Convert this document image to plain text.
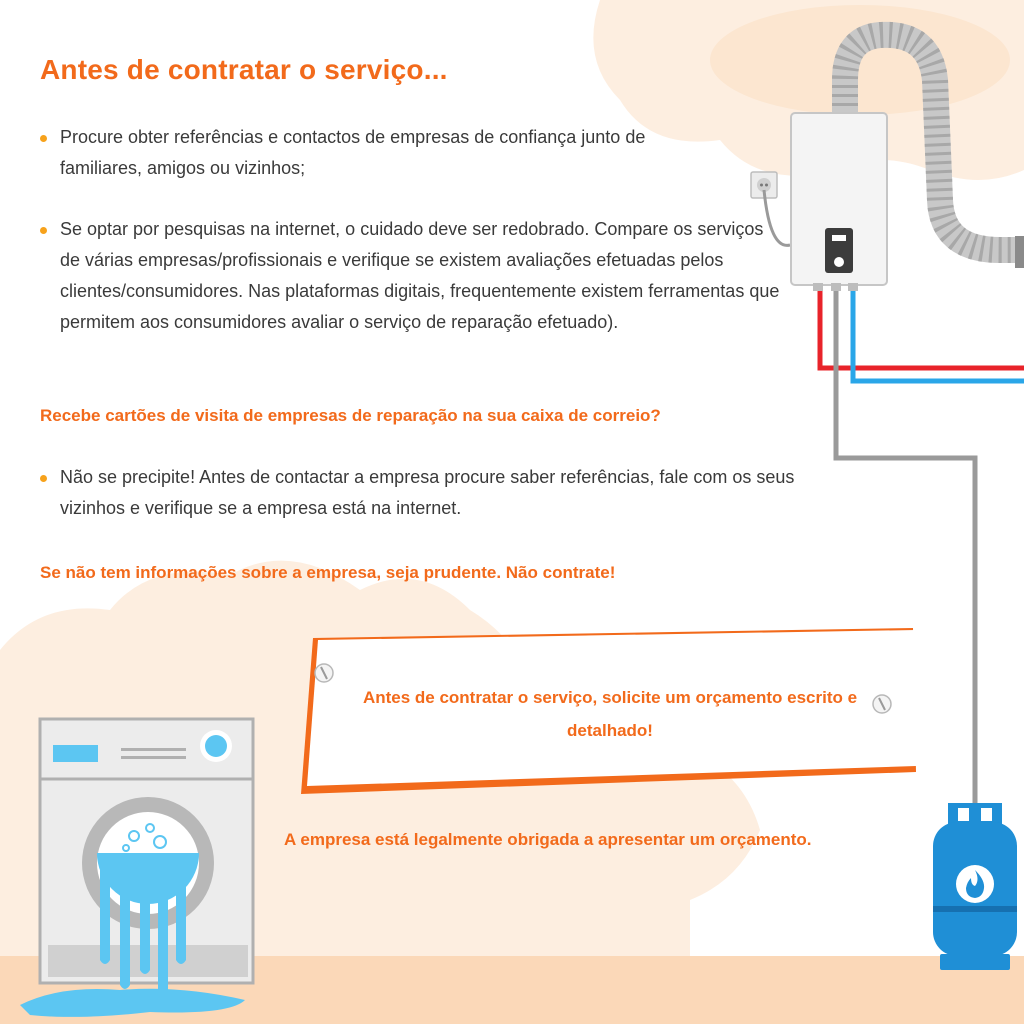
Antes de contratar o serviço...
Procure obter referências e contactos de empresas de confiança junto de familiares, amigos ou vizinhos;
Se optar por pesquisas na internet, o cuidado deve ser redobrado. Compare os serviços de várias empresas/profissionais e verifique se existem avaliações efetuadas pelos clientes/consumidores. Nas plataformas digitais, frequentemente existem ferramentas que permitem aos consumidores avaliar o serviço de reparação efetuado).
Recebe cartões de visita de empresas de reparação na sua caixa de correio?
Não se precipite! Antes de contactar a empresa procure saber referências, fale com os seus vizinhos e verifique se a empresa está na internet.
Se não tem informações sobre a empresa, seja prudente. Não contrate!
Antes de contratar o serviço, solicite um orçamento escrito e detalhado!
A empresa está legalmente obrigada a apresentar um orçamento.
